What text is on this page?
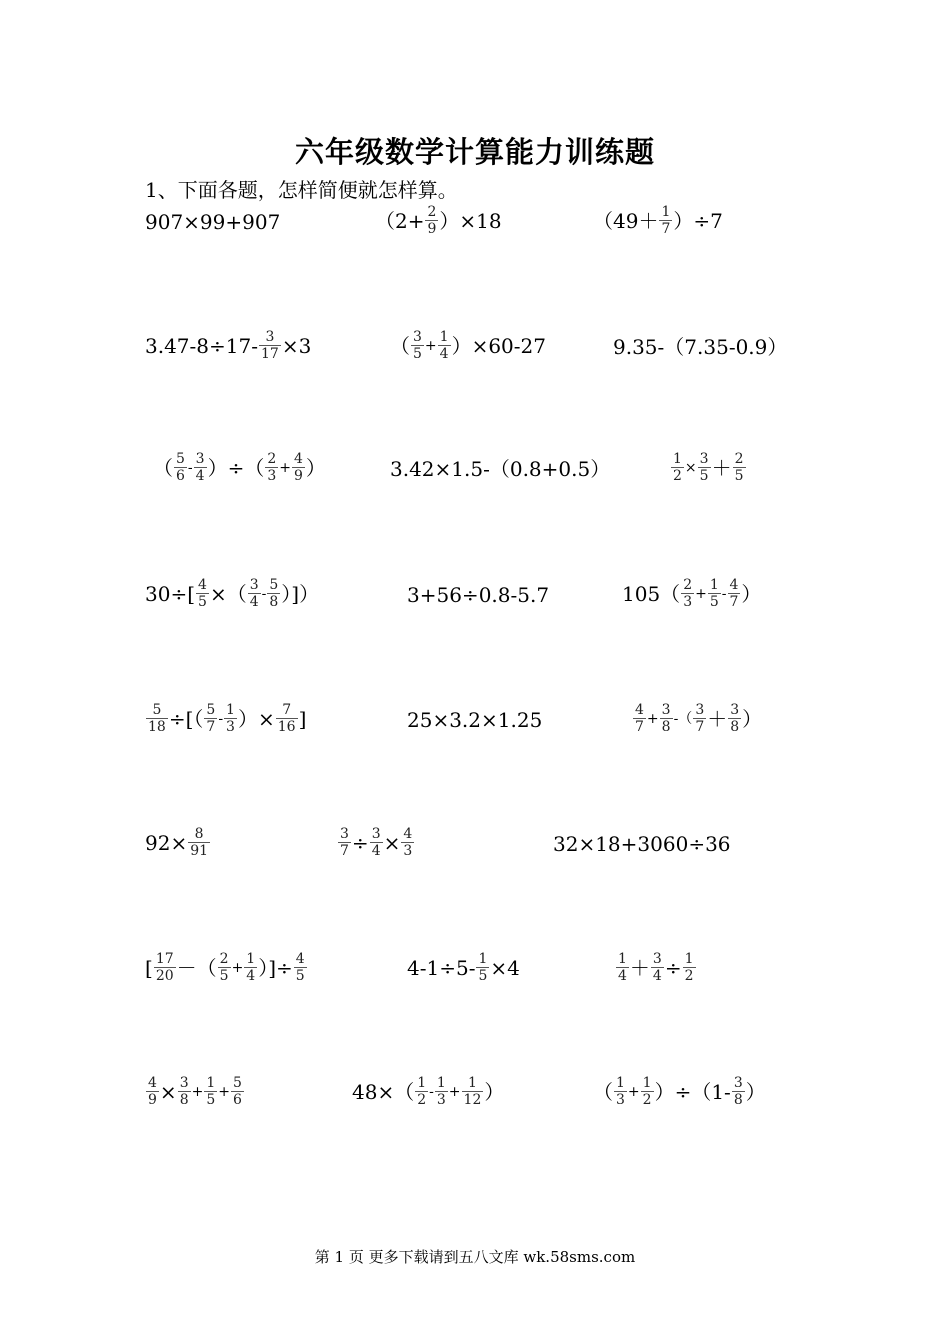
六年级数学计算能力训练题
1、下面各题，怎样简便就怎样算。
907×99+907	$(2+ \frac{2}{9} )\times 18$	$(49+ \frac{1}{7} )\div 7$
$3.47-8\div 17- \frac{3}{17} \times 3$	（ $\frac{3}{5} + \frac{1}{4} )\times 60-27$	9.35-（7.35-0.9）
（ $\frac{5}{6} - \frac{3}{4}$ ）÷（ $\frac{2}{3} + \frac{4}{9}$ ）	3.42×1.5-（0.8+0.5）	$\frac{1}{2} \times \frac{3}{5} + \frac{2}{5}$
$30\div[ \frac{4}{5}$ ×（ $\frac{3}{4} - \frac{5}{8}$ ）]）	3+56÷0.8-5.7	$105( \frac{2}{3} + \frac{1}{5} - \frac{4}{7}$ ）
$\frac{5}{18}$ ÷[（ $\frac{5}{7} - \frac{1}{3}$ ）× $\frac{7}{16}$ ]	25×3.2×1.25	$\frac{4}{7} + \frac{3}{8}$ -（ $\frac{3}{7} + \frac{3}{8}$ ）
$92\times \frac{8}{91}$	$\frac{3}{7} \div \frac{3}{4} \times \frac{4}{3}$	32×18+3060÷36
[ $\frac{17}{20}$ －（ $\frac{2}{5} + \frac{1}{4}$ ）]÷ $\frac{4}{5}$	$4-1\div 5- \frac{1}{5} \times 4$	$\frac{1}{4} + \frac{3}{4} \div \frac{1}{2}$
$\frac{4}{9} \times \frac{3}{8} + \frac{1}{5} + \frac{5}{6}$	$48\times( \frac{1}{2} - \frac{1}{3} + \frac{1}{12}$ ）	（ $\frac{1}{3} + \frac{1}{2} )\div(1- \frac{3}{8}$ ）
第 1 页 更多下载请到五八文库 wk.58sms.com
